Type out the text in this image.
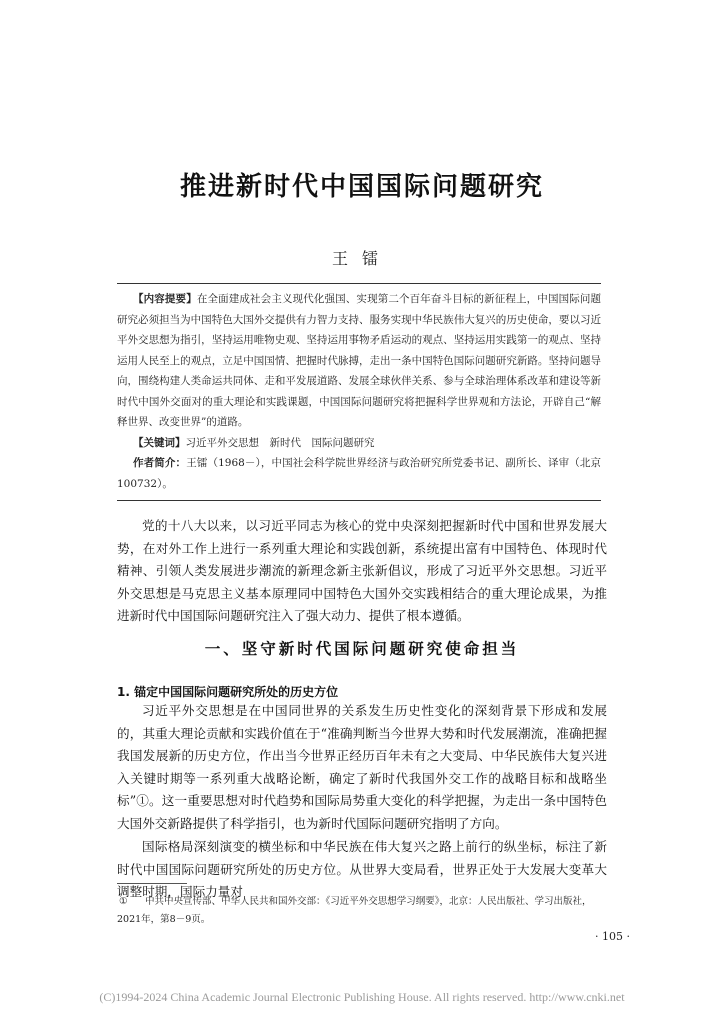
推进新时代中国国际问题研究
王镭

【内容提要】在全面建成社会主义现代化强国、实现第二个百年奋斗目标的新征程上，中国国际问题研究必须担当为中国特色大国外交提供有力智力支持、服务实现中华民族伟大复兴的历史使命，要以习近平外交思想为指引，坚持运用唯物史观、坚持运用事物矛盾运动的观点、坚持运用实践第一的观点、坚持运用人民至上的观点，立足中国国情、把握时代脉搏，走出一条中国特色国际问题研究新路。坚持问题导向，围绕构建人类命运共同体、走和平发展道路、发展全球伙伴关系、参与全球治理体系改革和建设等新时代中国外交面对的重大理论和实践课题，中国国际问题研究将把握科学世界观和方法论，开辟自己“解释世界、改变世界”的道路。

【关键词】习近平外交思想　新时代　国际问题研究

作者简介：王镭（1968－），中国社会科学院世界经济与政治研究所党委书记、副所长、译审（北京　100732）。

党的十八大以来，以习近平同志为核心的党中央深刻把握新时代中国和世界发展大势，在对外工作上进行一系列重大理论和实践创新，系统提出富有中国特色、体现时代精神、引领人类发展进步潮流的新理念新主张新倡议，形成了习近平外交思想。习近平外交思想是马克思主义基本原理同中国特色大国外交实践相结合的重大理论成果，为推进新时代中国国际问题研究注入了强大动力、提供了根本遵循。

一、坚守新时代国际问题研究使命担当

1. 锚定中国国际问题研究所处的历史方位

习近平外交思想是在中国同世界的关系发生历史性变化的深刻背景下形成和发展的，其重大理论贡献和实践价值在于“准确判断当今世界大势和时代发展潮流，准确把握我国发展新的历史方位，作出当今世界正经历百年未有之大变局、中华民族伟大复兴进入关键时期等一系列重大战略论断，确定了新时代我国外交工作的战略目标和战略坐标”①。这一重要思想对时代趋势和国际局势重大变化的科学把握，为走出一条中国特色大国外交新路提供了科学指引，也为新时代国际问题研究指明了方向。

国际格局深刻演变的横坐标和中华民族在伟大复兴之路上前行的纵坐标，标注了新时代中国国际问题研究所处的历史方位。从世界大变局看，世界正处于大发展大变革大调整时期，国际力量对

① 中共中央宣传部、中华人民共和国外交部：《习近平外交思想学习纲要》，北京：人民出版社、学习出版社，2021年，第8－9页。

· 105 ·
(C)1994-2024 China Academic Journal Electronic Publishing House. All rights reserved. http://www.cnki.net
